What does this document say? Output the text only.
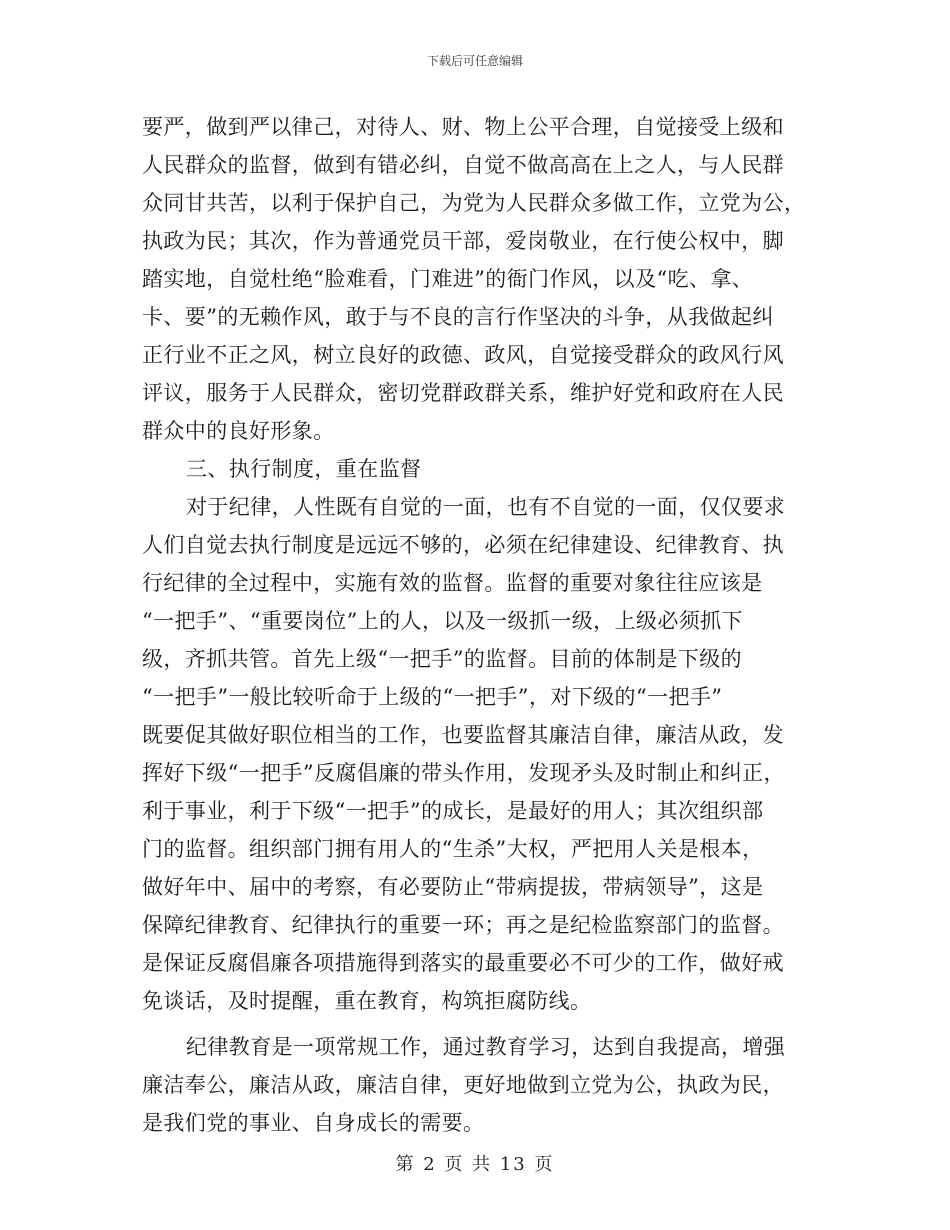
下载后可任意编辑
要严，做到严以律己，对待人、财、物上公平合理，自觉接受上级和
人民群众的监督，做到有错必纠，自觉不做高高在上之人，与人民群
众同甘共苦，以利于保护自己，为党为人民群众多做工作，立党为公，
执政为民；其次，作为普通党员干部，爱岗敬业，在行使公权中，脚
踏实地，自觉杜绝“脸难看，门难进”的衙门作风，以及“吃、拿、
卡、要”的无赖作风，敢于与不良的言行作坚决的斗争，从我做起纠
正行业不正之风，树立良好的政德、政风，自觉接受群众的政风行风
评议，服务于人民群众，密切党群政群关系，维护好党和政府在人民
群众中的良好形象。
三、执行制度，重在监督
对于纪律，人性既有自觉的一面，也有不自觉的一面，仅仅要求
人们自觉去执行制度是远远不够的，必须在纪律建设、纪律教育、执
行纪律的全过程中，实施有效的监督。监督的重要对象往往应该是
“一把手”、“重要岗位”上的人，以及一级抓一级，上级必须抓下
级，齐抓共管。首先上级“一把手”的监督。目前的体制是下级的
“一把手”一般比较听命于上级的“一把手”，对下级的“一把手”
既要促其做好职位相当的工作，也要监督其廉洁自律，廉洁从政，发
挥好下级“一把手”反腐倡廉的带头作用，发现矛头及时制止和纠正，
利于事业，利于下级“一把手”的成长，是最好的用人；其次组织部
门的监督。组织部门拥有用人的“生杀”大权，严把用人关是根本，
做好年中、届中的考察，有必要防止“带病提拔，带病领导”，这是
保障纪律教育、纪律执行的重要一环；再之是纪检监察部门的监督。
是保证反腐倡廉各项措施得到落实的最重要必不可少的工作，做好戒
免谈话，及时提醒，重在教育，构筑拒腐防线。
纪律教育是一项常规工作，通过教育学习，达到自我提高，增强
廉洁奉公，廉洁从政，廉洁自律，更好地做到立党为公，执政为民，
是我们党的事业、自身成长的需要。
第 2 页 共 13 页
